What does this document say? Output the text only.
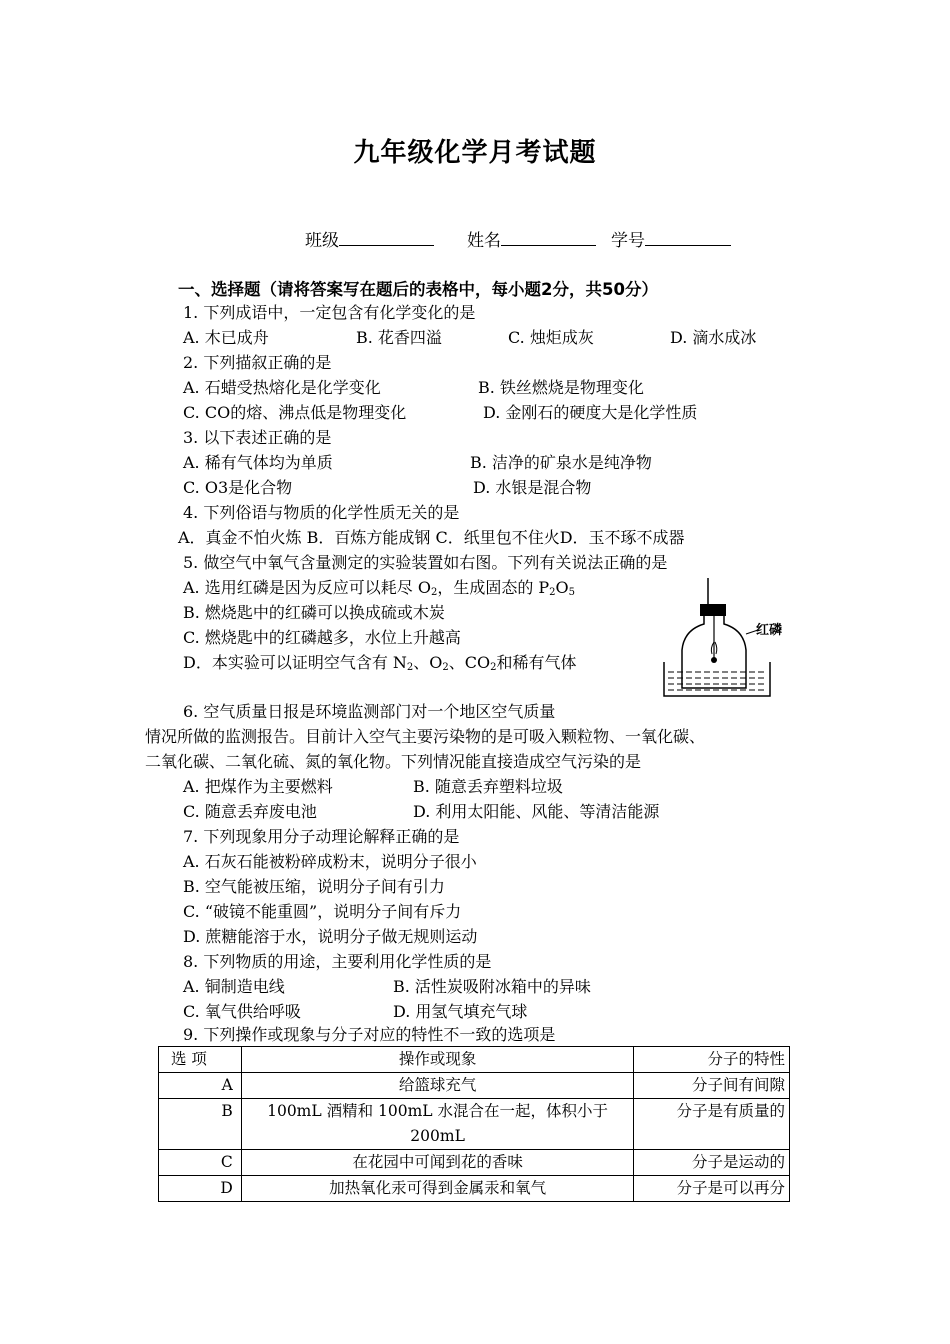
九年级化学月考试题
班级	姓名	学号
一、选择题（请将答案写在题后的表格中，每小题2分，共50分）
1. 下列成语中，一定包含有化学变化的是
A. 木已成舟	B. 花香四溢	C. 烛炬成灰	D. 滴水成冰
2. 下列描叙正确的是
A. 石蜡受热熔化是化学变化	B. 铁丝燃烧是物理变化
C. CO的熔、沸点低是物理变化	D. 金刚石的硬度大是化学性质
3. 以下表述正确的是
A. 稀有气体均为单质	B. 洁净的矿泉水是纯净物
C. O3是化合物	D. 水银是混合物
4. 下列俗语与物质的化学性质无关的是
A．真金不怕火炼 B．百炼方能成钢 C．纸里包不住火D．玉不琢不成器
5. 做空气中氧气含量测定的实验装置如右图。下列有关说法正确的是
A. 选用红磷是因为反应可以耗尽 $O_2$，生成固态的 $P_2O_5$
B. 燃烧匙中的红磷可以换成硫或木炭
C. 燃烧匙中的红磷越多，水位上升越高
D．本实验可以证明空气含有 $N_2$、$O_2$、$CO_2$和稀有气体
红磷
6. 空气质量日报是环境监测部门对一个地区空气质量
情况所做的监测报告。目前计入空气主要污染物的是可吸入颗粒物、一氧化碳、
二氧化碳、二氧化硫、氮的氧化物。下列情况能直接造成空气污染的是
A. 把煤作为主要燃料	B. 随意丢弃塑料垃圾
C. 随意丢弃废电池	D. 利用太阳能、风能、等清洁能源
7. 下列现象用分子动理论解释正确的是
A. 石灰石能被粉碎成粉末，说明分子很小
B. 空气能被压缩，说明分子间有引力
C. “破镜不能重圆”，说明分子间有斥力
D. 蔗糖能溶于水，说明分子做无规则运动
8. 下列物质的用途，主要利用化学性质的是
A. 铜制造电线	B. 活性炭吸附冰箱中的异味
C. 氧气供给呼吸	D. 用氢气填充气球
9. 下列操作或现象与分子对应的特性不一致的选项是
选 项	操作或现象	分子的特性
A	给篮球充气	分子间有间隙
B	100mL 酒精和 100mL 水混合在一起，体积小于 200mL	分子是有质量的
C	在花园中可闻到花的香味	分子是运动的
D	加热氧化汞可得到金属汞和氧气	分子是可以再分
